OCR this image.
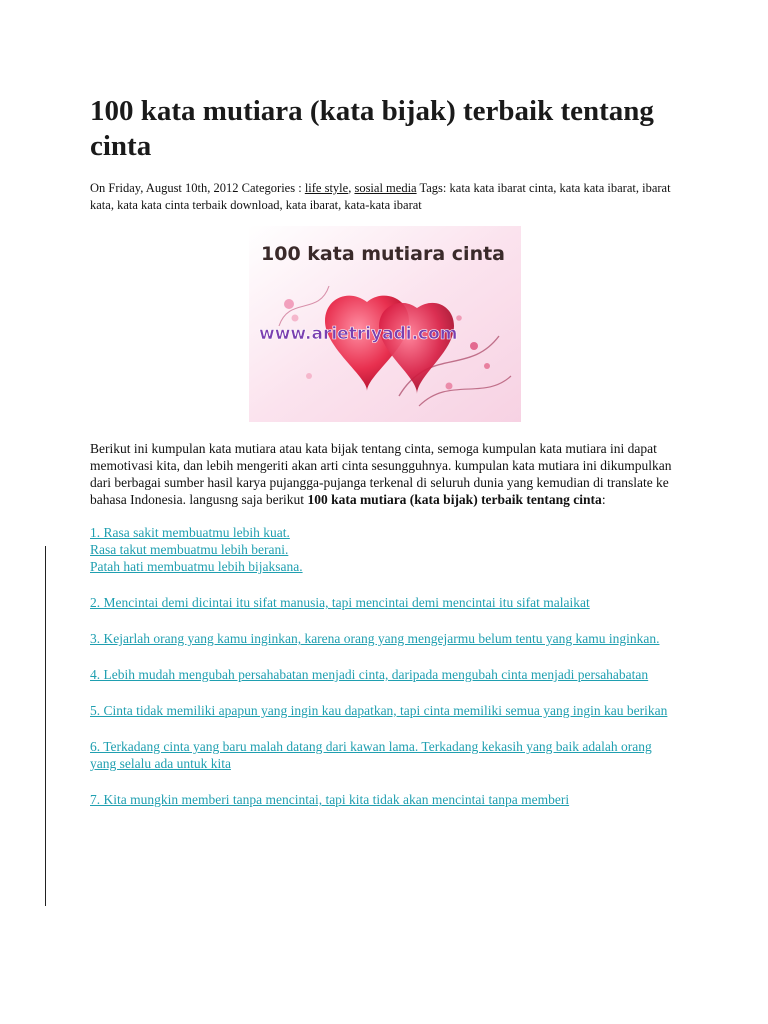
100 kata mutiara (kata bijak) terbaik tentang cinta
On Friday, August 10th, 2012 Categories : life style, sosial media Tags: kata kata ibarat cinta, kata kata ibarat, ibarat kata, kata kata cinta terbaik download, kata ibarat, kata-kata ibarat
100 kata mutiara cinta
www.arietriyadi.com
Berikut ini kumpulan kata mutiara atau kata bijak tentang cinta, semoga kumpulan kata mutiara ini dapat memotivasi kita, dan lebih mengeriti akan arti cinta sesungguhnya. kumpulan kata mutiara ini dikumpulkan dari berbagai sumber hasil karya pujangga-pujanga terkenal di seluruh dunia yang kemudian di translate ke bahasa Indonesia. langusng saja berikut 100 kata mutiara (kata bijak) terbaik tentang cinta:
1. Rasa sakit membuatmu lebih kuat.
Rasa takut membuatmu lebih berani.
Patah hati membuatmu lebih bijaksana.
2. Mencintai demi dicintai itu sifat manusia, tapi mencintai demi mencintai itu sifat malaikat
3. Kejarlah orang yang kamu inginkan, karena orang yang mengejarmu belum tentu yang kamu inginkan.
4. Lebih mudah mengubah persahabatan menjadi cinta, daripada mengubah cinta menjadi persahabatan
5. Cinta tidak memiliki apapun yang ingin kau dapatkan, tapi cinta memiliki semua yang ingin kau berikan
6. Terkadang cinta yang baru malah datang dari kawan lama. Terkadang kekasih yang baik adalah orang yang selalu ada untuk kita
7. Kita mungkin memberi tanpa mencintai, tapi kita tidak akan mencintai tanpa memberi
